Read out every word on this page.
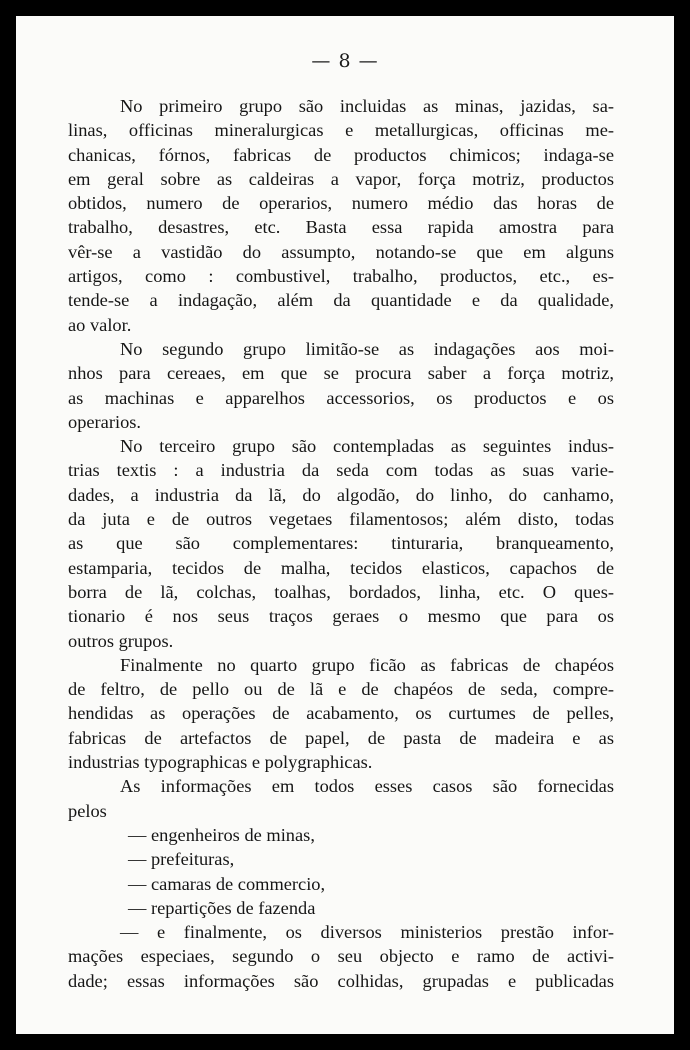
— 8 —
No primeiro grupo são incluidas as minas, jazidas, sa-
linas, officinas mineralurgicas e metallurgicas, officinas me-
chanicas, fórnos, fabricas de productos chimicos; indaga-se
em geral sobre as caldeiras a vapor, força motriz, productos
obtidos, numero de operarios, numero médio das horas de
trabalho, desastres, etc. Basta essa rapida amostra para
vêr-se a vastidão do assumpto, notando-se que em alguns
artigos, como : combustivel, trabalho, productos, etc., es-
tende-se a indagação, além da quantidade e da qualidade,
ao valor.
No segundo grupo limitão-se as indagações aos moi-
nhos para cereaes, em que se procura saber a força motriz,
as machinas e apparelhos accessorios, os productos e os
operarios.
No terceiro grupo são contempladas as seguintes indus-
trias textis : a industria da seda com todas as suas varie-
dades, a industria da lã, do algodão, do linho, do canhamo,
da juta e de outros vegetaes filamentosos; além disto, todas
as que são complementares: tinturaria, branqueamento,
estamparia, tecidos de malha, tecidos elasticos, capachos de
borra de lã, colchas, toalhas, bordados, linha, etc. O ques-
tionario é nos seus traços geraes o mesmo que para os
outros grupos.
Finalmente no quarto grupo ficão as fabricas de chapéos
de feltro, de pello ou de lã e de chapéos de seda, compre-
hendidas as operações de acabamento, os curtumes de pelles,
fabricas de artefactos de papel, de pasta de madeira e as
industrias typographicas e polygraphicas.
As informações em todos esses casos são fornecidas
pelos
— engenheiros de minas,
— prefeituras,
— camaras de commercio,
— repartições de fazenda
— e finalmente, os diversos ministerios prestão infor-
mações especiaes, segundo o seu objecto e ramo de activi-
dade; essas informações são colhidas, grupadas e publicadas
